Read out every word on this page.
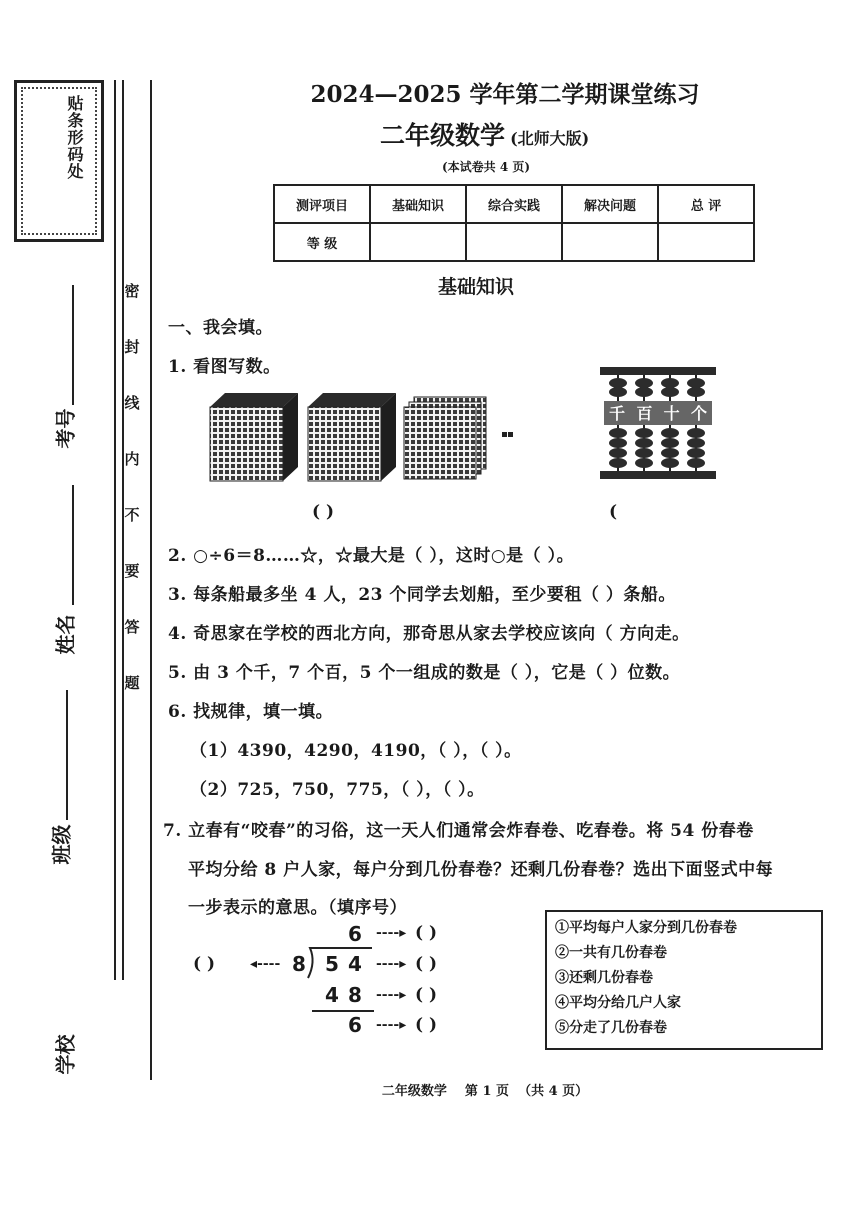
贴条形码处
密
封
线
内
不
要
答
题
考号
姓名
班级
学校
2024—2025 学年第二学期课堂练习
二年级数学 (北师大版)
(本试卷共 4 页)
测评项目	基础知识	综合实践	解决问题	总 评
等 级				
基础知识
一、我会填。
1. 看图写数。
( )
千 百 十 个
(
2. ○÷6＝8……☆，☆最大是（ ），这时○是（ ）。
3. 每条船最多坐 4 人，23 个同学去划船，至少要租（ ）条船。
4. 奇思家在学校的西北方向，那奇思从家去学校应该向（ 方向走。
5. 由 3 个千，7 个百，5 个一组成的数是（ ），它是（ ）位数。
6. 找规律，填一填。
（1）4390，4290，4190，（ ），（ ）。
（2）725，750，775，（ ），（ ）。
7. 立春有“咬春”的习俗，这一天人们通常会炸春卷、吃春卷。将 54 份春卷
平均分给 8 户人家，每户分到几份春卷？还剩几份春卷？选出下面竖式中每
一步表示的意思。（填序号）
( ) ◂---- 8
6
5 4
4 8
6
----▸
----▸
----▸
----▸
( )
( )
( )
( )
①平均每户人家分到几份春卷
②一共有几份春卷
③还剩几份春卷
④平均分给几户人家
⑤分走了几份春卷
二年级数学    第 1 页  （共 4 页）
